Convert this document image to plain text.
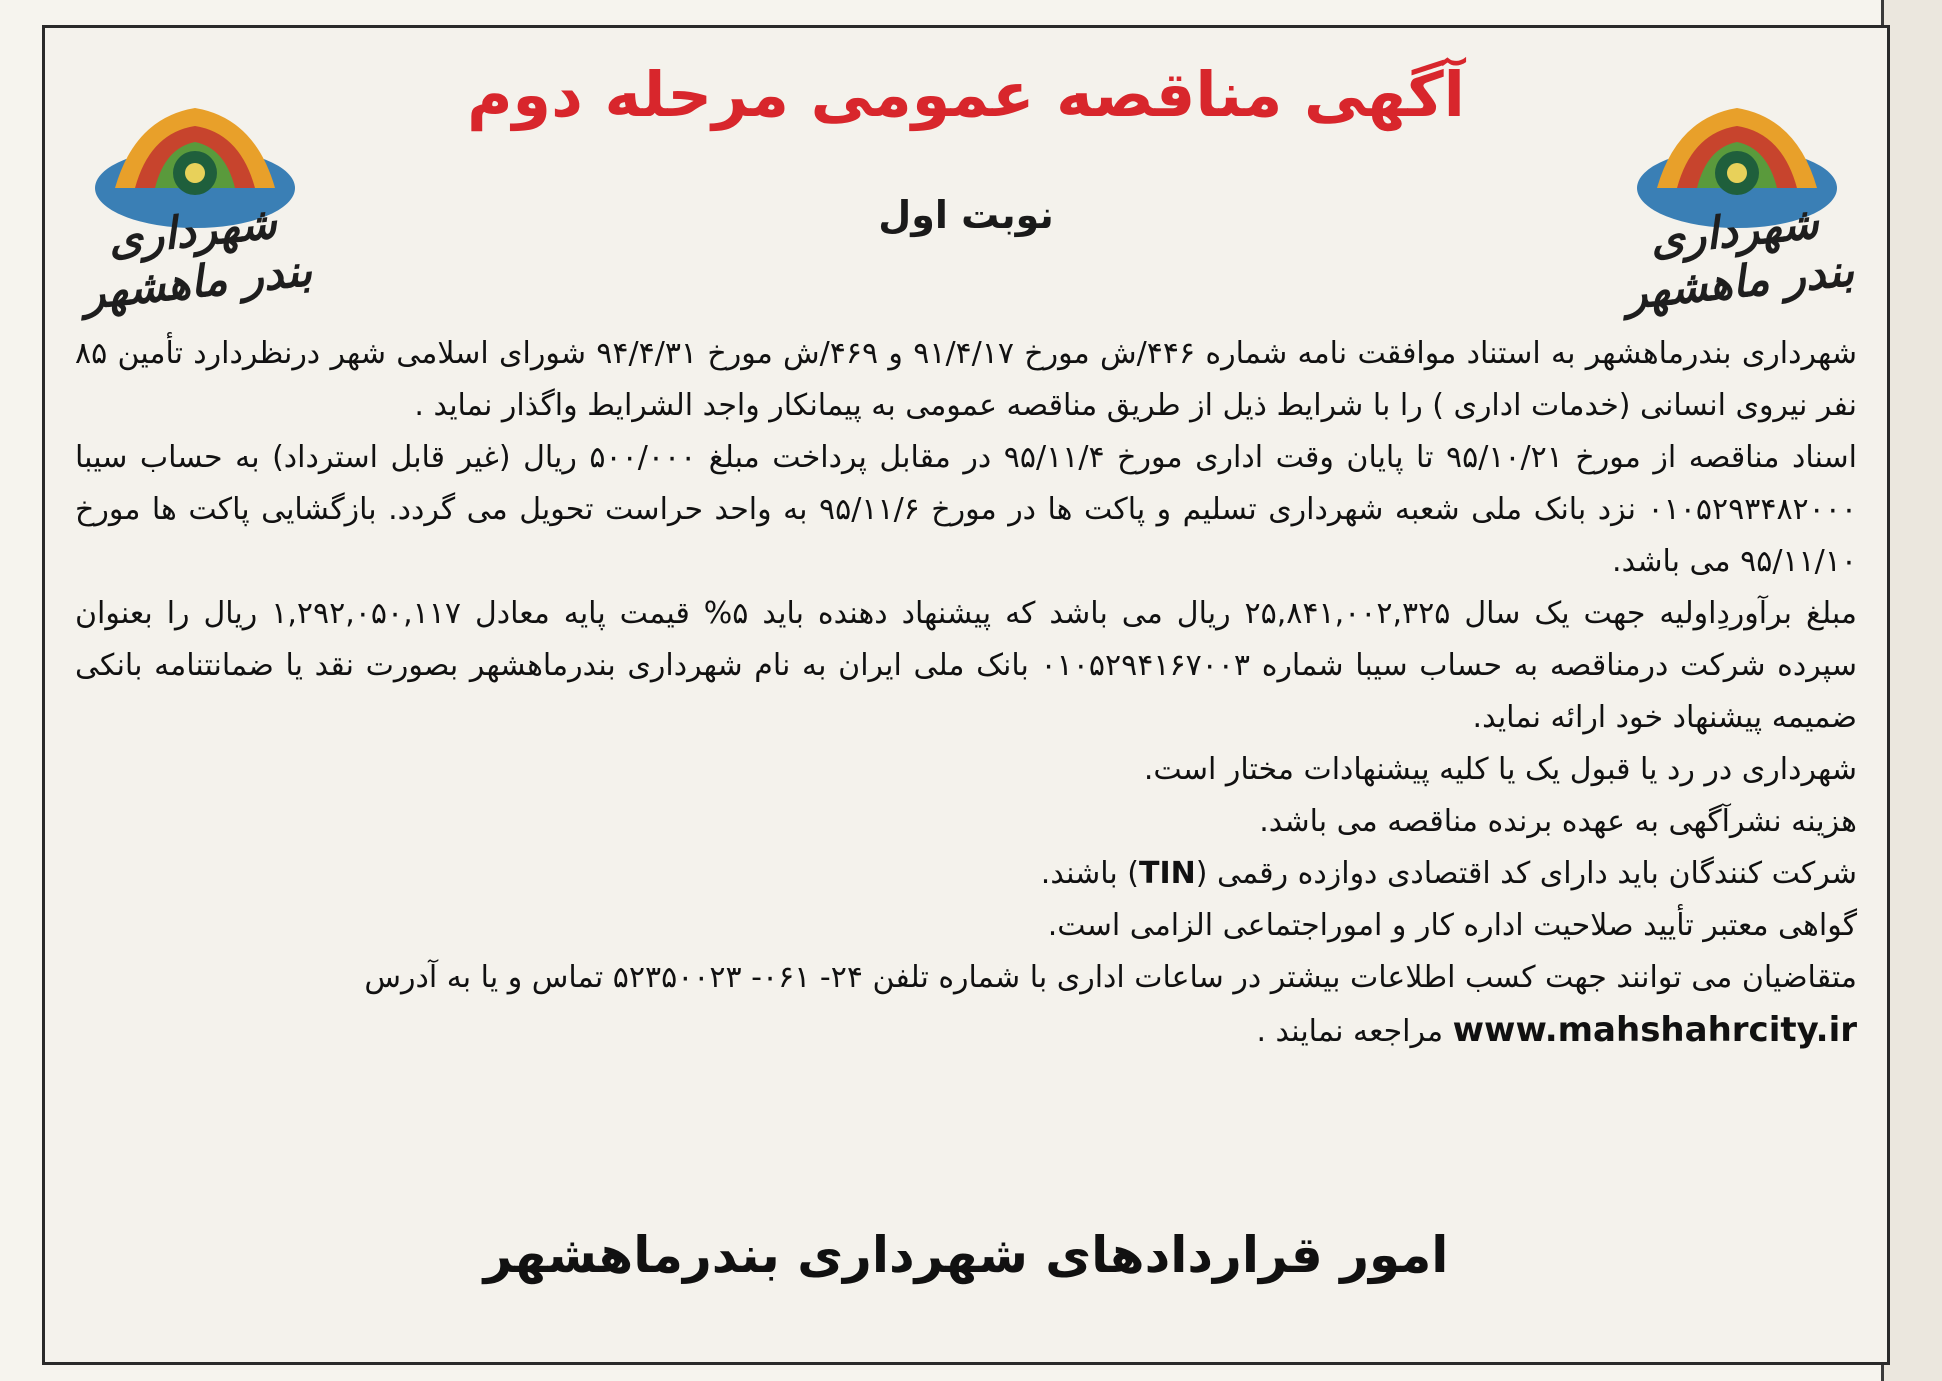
شهرداری بندر ماهشهر
شهرداری بندر ماهشهر
آگهی مناقصه عمومی مرحله دوم
نوبت اول

شهرداری بندرماهشهر به استناد موافقت نامه شماره ۴۴۶/ش مورخ ۹۱/۴/۱۷ و ۴۶۹/ش مورخ ۹۴/۴/۳۱ شورای اسلامی شهر درنظردارد تأمین ۸۵ نفر نیروی انسانی (خدمات اداری ) را با شرایط ذیل از طریق مناقصه عمومی به پیمانکار واجد الشرایط واگذار نماید .

اسناد مناقصه از مورخ ۹۵/۱۰/۲۱ تا پایان وقت اداری مورخ ۹۵/۱۱/۴ در مقابل پرداخت مبلغ ۵۰۰/۰۰۰ ریال (غیر قابل استرداد) به حساب سیبا ۰۱۰۵۲۹۳۴۸۲۰۰۰ نزد بانک ملی شعبه شهرداری تسلیم و پاکت ها در مورخ ۹۵/۱۱/۶ به واحد حراست تحویل می گردد. بازگشایی پاکت ها مورخ ۹۵/۱۱/۱۰ می باشد.

مبلغ برآوردِاولیه جهت یک سال ۲۵,۸۴۱,۰۰۲,۳۲۵ ریال می باشد که پیشنهاد دهنده باید ۵% قیمت پایه معادل ۱,۲۹۲,۰۵۰,۱۱۷ ریال را بعنوان سپرده شرکت درمناقصه به حساب سیبا شماره ۰۱۰۵۲۹۴۱۶۷۰۰۳ بانک ملی ایران به نام شهرداری بندرماهشهر بصورت نقد یا ضمانتنامه بانکی ضمیمه پیشنهاد خود ارائه نماید.

شهرداری در رد یا قبول یک یا کلیه پیشنهادات مختار است.

هزینه نشرآگهی به عهده برنده مناقصه می باشد.

شرکت کنندگان باید دارای کد اقتصادی دوازده رقمی (TIN) باشند.

گواهی معتبر تأیید صلاحیت اداره کار و اموراجتماعی الزامی است.

متقاضیان می توانند جهت کسب اطلاعات بیشتر در ساعات اداری با شماره تلفن ۲۴- ۰۶۱- ۵۲۳۵۰۰۲۳ تماس و یا به آدرس
www.mahshahrcity.ir مراجعه نمایند .

امور قراردادهای شهرداری بندرماهشهر
